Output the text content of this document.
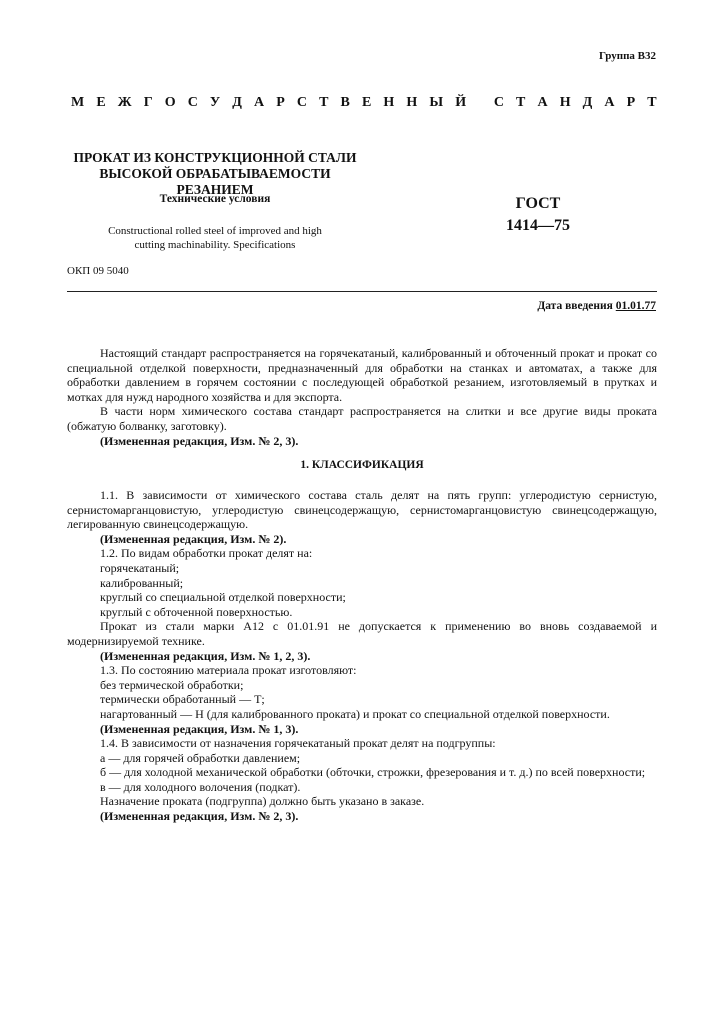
Группа В32
М Е Ж Г О С У Д А Р С Т В Е Н Н Ы Й
С Т А Н Д А Р Т
ПРОКАТ ИЗ КОНСТРУКЦИОННОЙ СТАЛИ
ВЫСОКОЙ ОБРАБАТЫВАЕМОСТИ РЕЗАНИЕМ
Технические условия
Constructional rolled steel of improved and high
cutting machinability. Specifications
ГОСТ
1414—75
ОКП 09 5040
Дата введения 01.01.77

Настоящий стандарт распространяется на горячекатаный, калиброванный и обточенный прокат и прокат со специальной отделкой поверхности, предназначенный для обработки на станках и автоматах, а также для обработки давлением в горячем состоянии с последующей обработкой резанием, изготовляемый в прутках и мотках для нужд народного хозяйства и для экспорта.

В части норм химического состава стандарт распространяется на слитки и все другие виды проката (обжатую болванку, заготовку).

(Измененная редакция, Изм. № 2, 3).

1. КЛАССИФИКАЦИЯ

1.1. В зависимости от химического состава сталь делят на пять групп: углеродистую сернистую, сернистомарганцовистую, углеродистую свинецсодержащую, сернистомарганцовистую свинецсодержащую, легированную свинецсодержащую.

(Измененная редакция, Изм. № 2).

1.2. По видам обработки прокат делят на:

горячекатаный;

калиброванный;

круглый со специальной отделкой поверхности;

круглый с обточенной поверхностью.

Прокат из стали марки А12 с 01.01.91 не допускается к применению во вновь создаваемой и модернизируемой технике.

(Измененная редакция, Изм. № 1, 2, 3).

1.3. По состоянию материала прокат изготовляют:

без термической обработки;

термически обработанный — Т;

нагартованный — Н (для калиброванного проката) и прокат со специальной отделкой поверхности.

(Измененная редакция, Изм. № 1, 3).

1.4. В зависимости от назначения горячекатаный прокат делят на подгруппы:

а — для горячей обработки давлением;

б — для холодной механической обработки (обточки, строжки, фрезерования и т. д.) по всей поверхности;

в — для холодного волочения (подкат).

Назначение проката (подгруппа) должно быть указано в заказе.

(Измененная редакция, Изм. № 2, 3).
